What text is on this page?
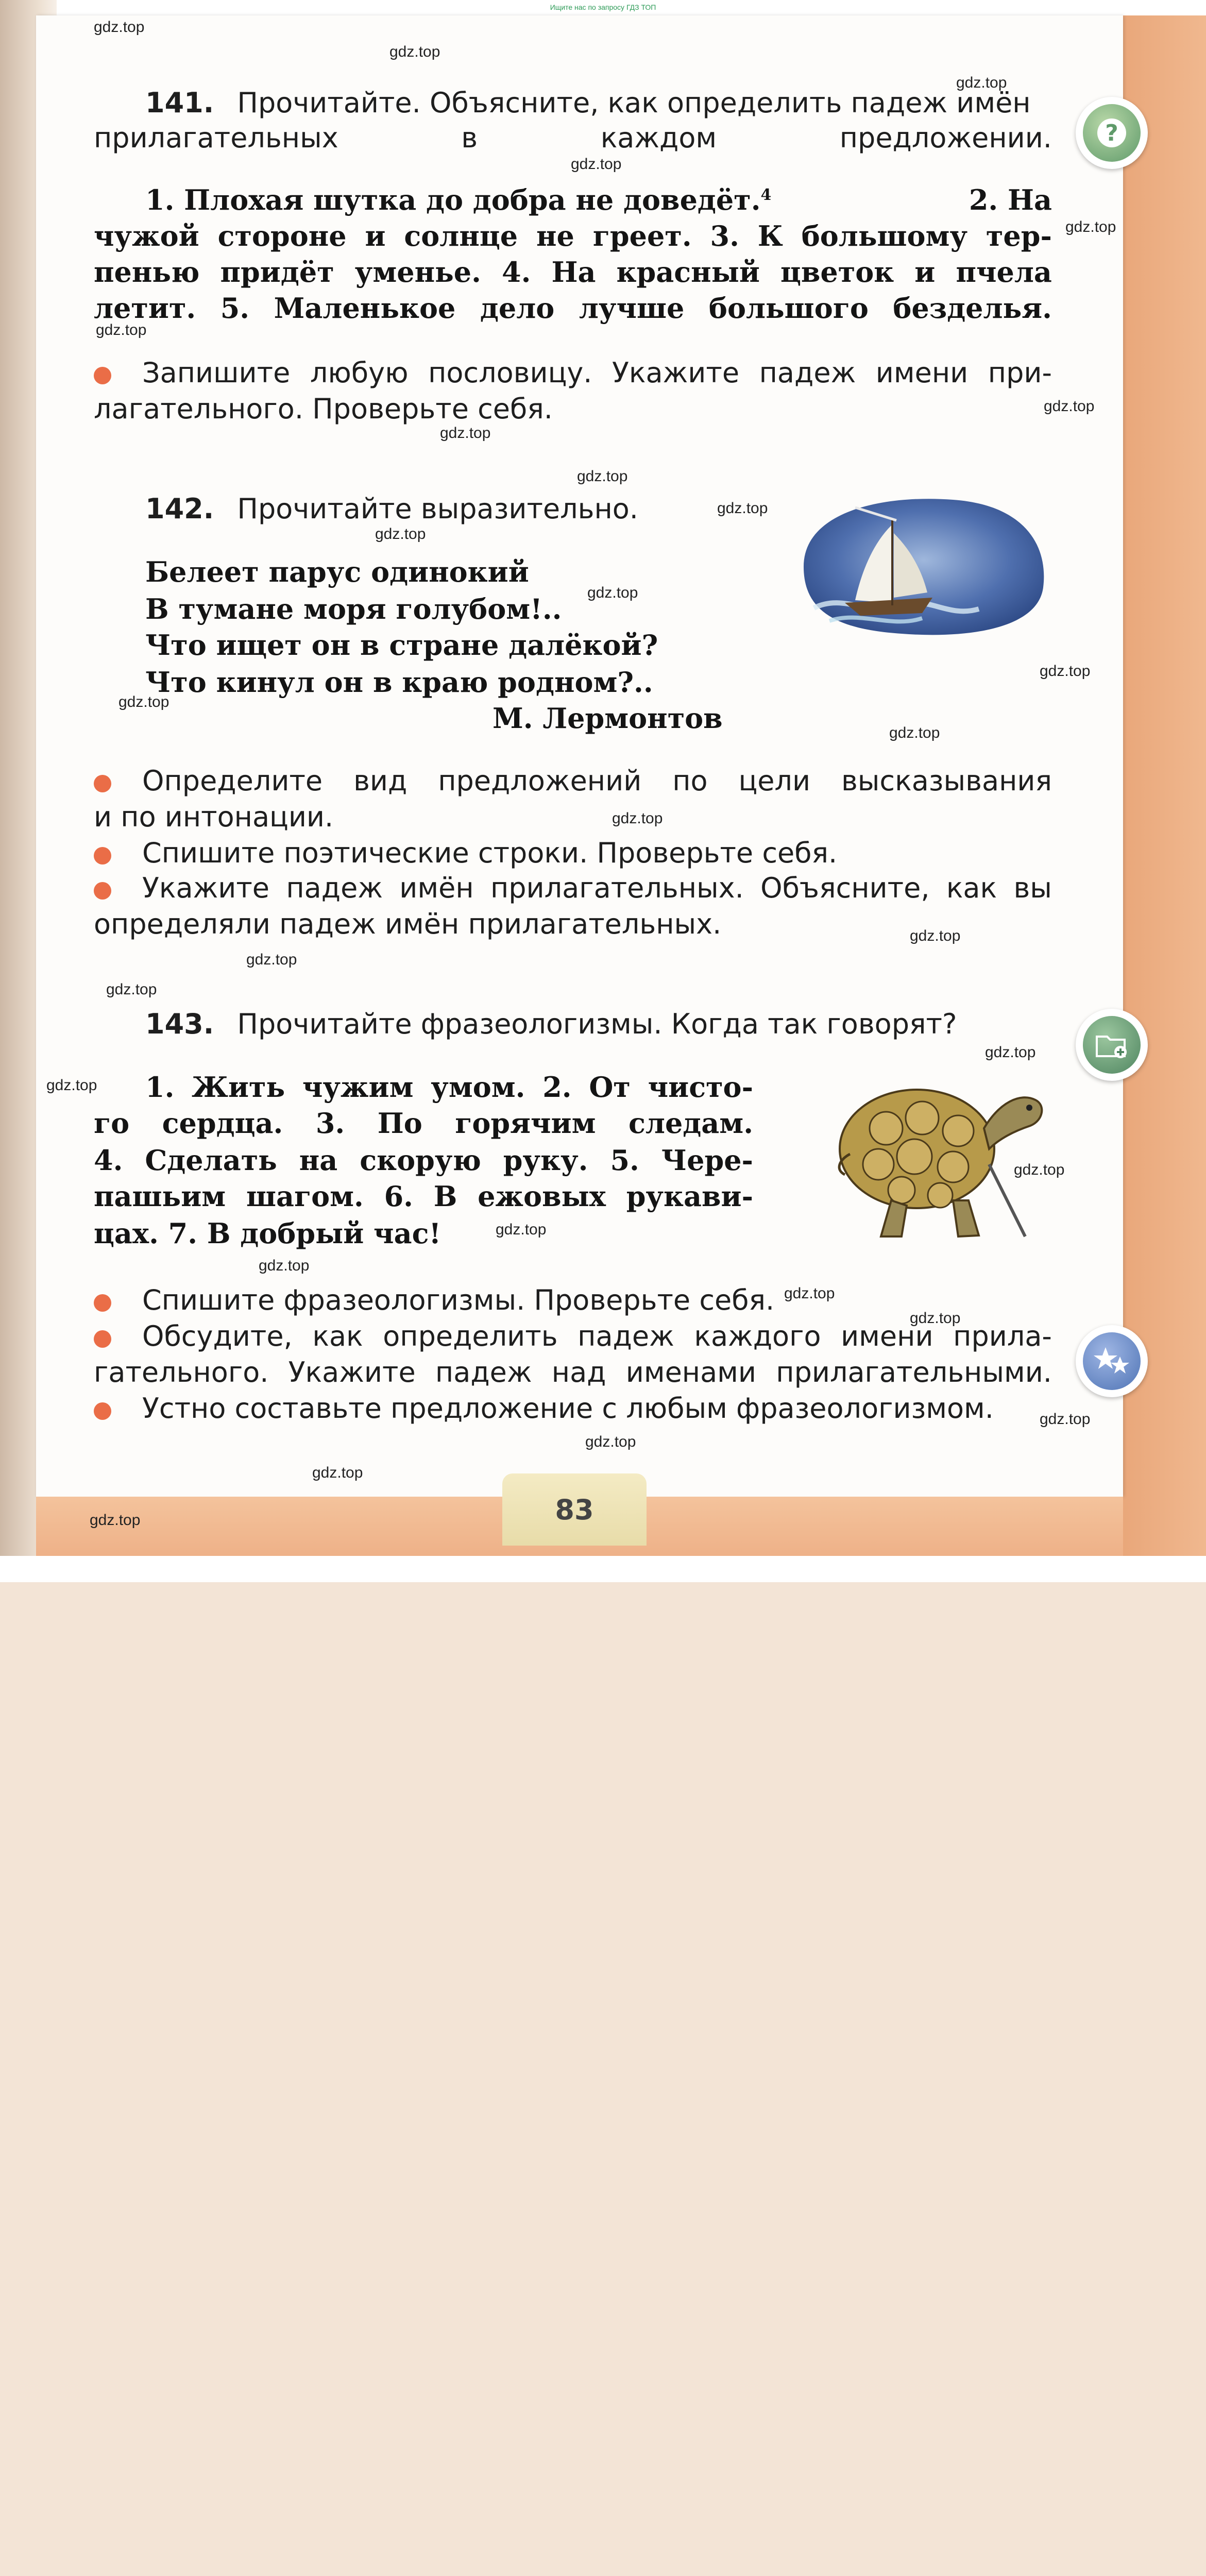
Ищите нас по запросу ГДЗ ТОП
83
141. Прочитайте. Объясните, как определить падеж имён
прилагательных	в	каждом	предложении.
1. Плохая шутка до добра не доведёт.$^4$	2. На
чужой стороне и солнце не греет. 3. К большому тер-
пенью придёт уменье. 4. На красный цветок и пчела
летит. 5. Маленькое дело лучше большого безделья.
Запишите любую пословицу. Укажите падеж имени при-
лагательного. Проверьте себя.
142. Прочитайте выразительно.
Белеет парус одинокий
В тумане моря голубом!..
Что ищет он в стране далёкой?
Что кинул он в краю родном?..
М. Лермонтов
Определите вид предложений по цели высказывания
и по интонации.
Спишите поэтические строки. Проверьте себя.
Укажите падеж имён прилагательных. Объясните, как вы
определяли падеж имён прилагательных.
143. Прочитайте фразеологизмы. Когда так говорят?
1. Жить чужим умом. 2. От чисто-
го сердца. 3. По горячим следам.
4. Сделать на скорую руку. 5. Чере-
пашьим шагом. 6. В ежовых рукави-
цах. 7. В добрый час!
Спишите фразеологизмы. Проверьте себя.
Обсудите, как определить падеж каждого имени прила-
гательного. Укажите падеж над именами прилагательными.
Устно составьте предложение с любым фразеологизмом.
?
gdz.top
gdz.top
gdz.top
gdz.top
gdz.top
gdz.top
gdz.top
gdz.top
gdz.top
gdz.top
gdz.top
gdz.top
gdz.top
gdz.top
gdz.top
gdz.top
gdz.top
gdz.top
gdz.top
gdz.top
gdz.top
gdz.top
gdz.top
gdz.top
gdz.top
gdz.top
gdz.top
gdz.top
gdz.top
gdz.top
